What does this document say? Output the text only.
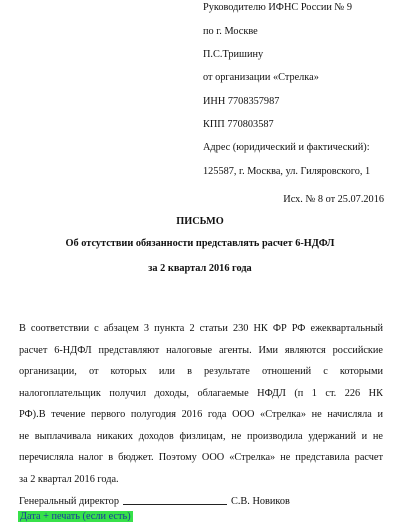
Руководителю ИФНС России № 9
по г. Москве
П.С.Тришину
от организации «Стрелка»
ИНН 7708357987
КПП 770803587
Адрес (юридический и фактический):
125587, г. Москва, ул. Гиляровского, 1
Исх. № 8 от 25.07.2016
ПИСЬМО
Об отсутствии обязанности представлять расчет 6-НДФЛ
за 2 квартал 2016 года
В соответствии с абзацем 3 пункта 2 статьи 230 НК ФР РФ ежеквартальный
расчет 6-НДФЛ представляют налоговые агенты. Ими являются российские
организации, от которых или в результате отношений с которыми
налогоплательщик получил доходы, облагаемые НФДЛ (п 1 ст. 226 НК
РФ).В течение первого полугодия 2016 года ООО «Стрелка» не начисляла и
не выплачивала никаких доходов физлицам, не производила удержаний и не
перечисляла налог в бюджет. Поэтому ООО «Стрелка» не представила расчет
за 2 квартал 2016 года.
Генеральный директор	С.В. Новиков
Дата + печать (если есть)
